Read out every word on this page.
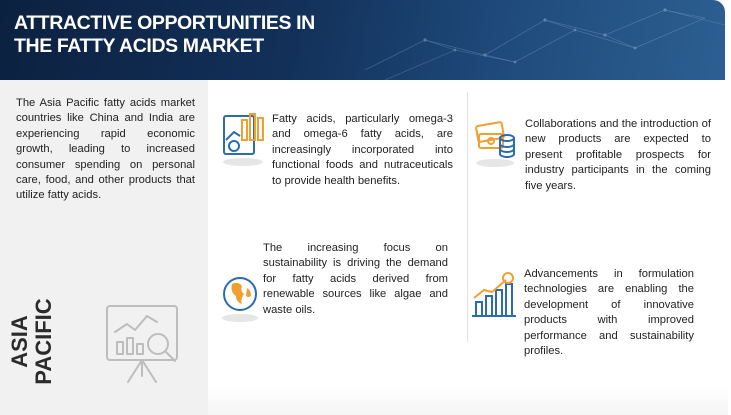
ATTRACTIVE OPPORTUNITIES IN THE FATTY ACIDS MARKET

The Asia Pacific fatty acids market countries like China and India are experiencing rapid economic growth, leading to increased consumer spending on personal care, food, and other products that utilize fatty acids.

ASIA
PACIFIC

Fatty acids, particularly omega-3 and omega-6 fatty acids, are increasingly incorporated into functional foods and nutraceuticals to provide health benefits.

Collaborations and the introduction of new products are expected to present profitable prospects for industry participants in the coming five years.

The increasing focus on sustainability is driving the demand for fatty acids derived from renewable sources like algae and waste oils.

Advancements in formulation technologies are enabling the development of innovative products with improved performance and sustainability profiles.
